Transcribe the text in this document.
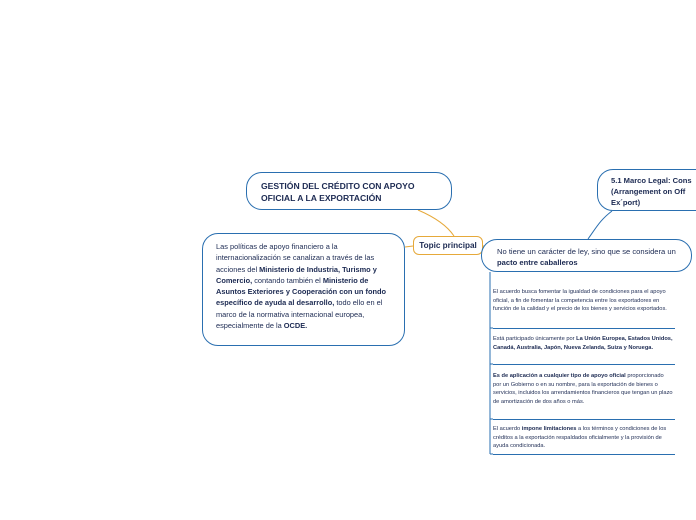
GESTIÓN DEL CRÉDITO CON APOYO OFICIAL A LA EXPORTACIÓN
Las políticas de apoyo financiero a la internacionalización se canalizan a través de las acciones del Ministerio de Industria, Turismo y Comercio, contando también el Ministerio de Asuntos Exteriores y Cooperación con un fondo específico de ayuda al desarrollo, todo ello en el marco de la normativa internacional europea, especialmente de la OCDE.
Topic principal
No tiene un carácter de ley, sino que se considera un pacto entre caballeros
5.1 Marco Legal: Cons
(Arrangement on Off
Ex´port)
El acuerdo busca fomentar la igualdad de condiciones para el apoyo oficial, a fin de fomentar la competencia entre los exportadores en función de la calidad y el precio de los bienes y servicios exportados.
Está participado únicamente por La Unión Europea, Estados Unidos, Canadá, Australia, Japón, Nueva Zelanda, Suiza y Noruega.
Es de aplicación a cualquier tipo de apoyo oficial proporcionado por un Gobierno o en su nombre, para la exportación de bienes o servicios, incluidos los arrendamientos financieros que tengan un plazo de amortización de dos años o más.
El acuerdo impone limitaciones a los términos y condiciones de los créditos a la exportación respaldados oficialmente y la provisión de ayuda condicionada.
